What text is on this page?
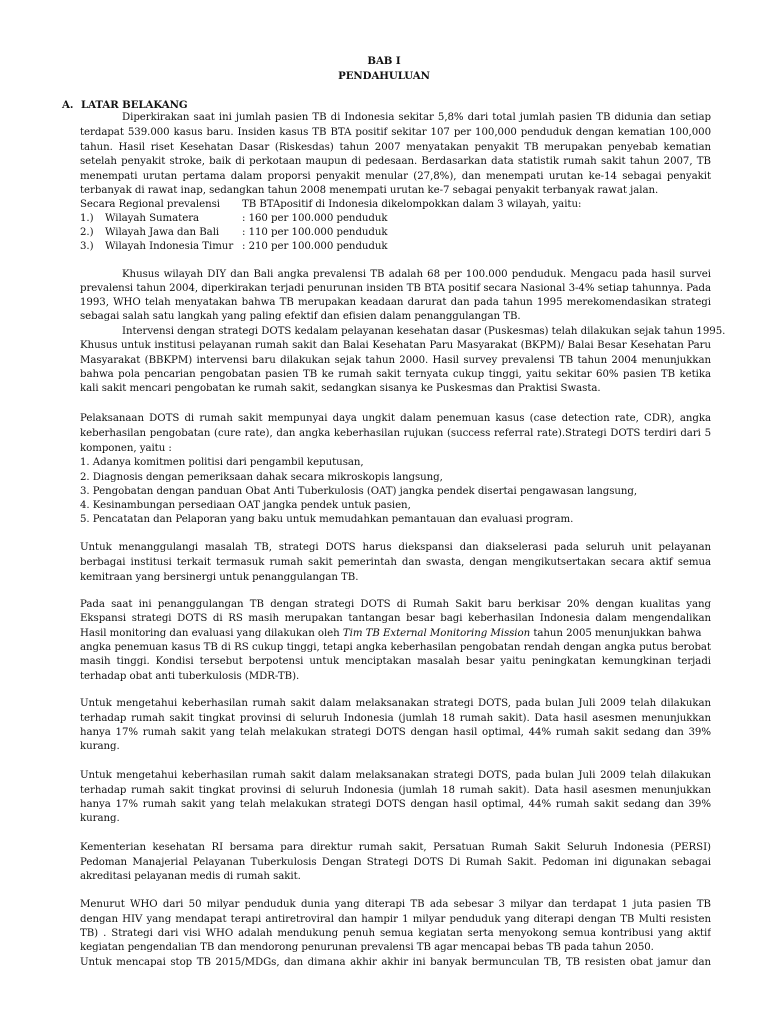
BAB I
PENDAHULUAN
A. LATAR BELAKANG
Diperkirakan saat ini jumlah pasien TB di Indonesia sekitar 5,8% dari total jumlah pasien TB didunia dan setiap
terdapat 539.000 kasus baru. Insiden kasus TB BTA positif sekitar 107 per 100,000 penduduk dengan kematian 100,000
tahun. Hasil riset Kesehatan Dasar (Riskesdas) tahun 2007 menyatakan penyakit TB merupakan penyebab kematian
setelah penyakit stroke, baik di perkotaan maupun di pedesaan. Berdasarkan data statistik rumah sakit tahun 2007, TB
menempati urutan pertama dalam proporsi penyakit menular (27,8%), dan menempati urutan ke-14 sebagai penyakit
terbanyak di rawat inap, sedangkan tahun 2008 menempati urutan ke-7 sebagai penyakit terbanyak rawat jalan.
Secara Regional prevalensi TB BTApositif di Indonesia dikelompokkan dalam 3 wilayah, yaitu:
1.) Wilayah Sumatera	: 160 per 100.000 penduduk
2.) Wilayah Jawa dan Bali : 110 per 100.000 penduduk
3.) Wilayah Indonesia Timur : 210 per 100.000 penduduk
Khusus wilayah DIY dan Bali angka prevalensi TB adalah 68 per 100.000 penduduk. Mengacu pada hasil survei
prevalensi tahun 2004, diperkirakan terjadi penurunan insiden TB BTA positif secara Nasional 3-4% setiap tahunnya. Pada
1993, WHO telah menyatakan bahwa TB merupakan keadaan darurat dan pada tahun 1995 merekomendasikan strategi
sebagai salah satu langkah yang paling efektif dan efisien dalam penanggulangan TB.
Intervensi dengan strategi DOTS kedalam pelayanan kesehatan dasar (Puskesmas) telah dilakukan sejak tahun 1995.
Khusus untuk institusi pelayanan rumah sakit dan Balai Kesehatan Paru Masyarakat (BKPM)/ Balai Besar Kesehatan Paru
Masyarakat (BBKPM) intervensi baru dilakukan sejak tahun 2000. Hasil survey prevalensi TB tahun 2004 menunjukkan
bahwa pola pencarian pengobatan pasien TB ke rumah sakit ternyata cukup tinggi, yaitu sekitar 60% pasien TB ketika
kali sakit mencari pengobatan ke rumah sakit, sedangkan sisanya ke Puskesmas dan Praktisi Swasta.
Pelaksanaan DOTS di rumah sakit mempunyai daya ungkit dalam penemuan kasus (case detection rate, CDR), angka
keberhasilan pengobatan (cure rate), dan angka keberhasilan rujukan (success referral rate).Strategi DOTS terdiri dari 5
komponen, yaitu :
1. Adanya komitmen politisi dari pengambil keputusan,
2. Diagnosis dengan pemeriksaan dahak secara mikroskopis langsung,
3. Pengobatan dengan panduan Obat Anti Tuberkulosis (OAT) jangka pendek disertai pengawasan langsung,
4. Kesinambungan persediaan OAT jangka pendek untuk pasien,
5. Pencatatan dan Pelaporan yang baku untuk memudahkan pemantauan dan evaluasi program.
Untuk menanggulangi masalah TB, strategi DOTS harus diekspansi dan diakselerasi pada seluruh unit pelayanan
berbagai institusi terkait termasuk rumah sakit pemerintah dan swasta, dengan mengikutsertakan secara aktif semua
kemitraan yang bersinergi untuk penanggulangan TB.
Pada saat ini penanggulangan TB dengan strategi DOTS di Rumah Sakit baru berkisar 20% dengan kualitas yang
Ekspansi strategi DOTS di RS masih merupakan tantangan besar bagi keberhasilan Indonesia dalam mengendalikan
Hasil monitoring dan evaluasi yang dilakukan oleh Tim TB External Monitoring Mission tahun 2005 menunjukkan bahwa
angka penemuan kasus TB di RS cukup tinggi, tetapi angka keberhasilan pengobatan rendah dengan angka putus berobat
masih tinggi. Kondisi tersebut berpotensi untuk menciptakan masalah besar yaitu peningkatan kemungkinan terjadi
terhadap obat anti tuberkulosis (MDR-TB).
Untuk mengetahui keberhasilan rumah sakit dalam melaksanakan strategi DOTS, pada bulan Juli 2009 telah dilakukan
terhadap rumah sakit tingkat provinsi di seluruh Indonesia (jumlah 18 rumah sakit). Data hasil asesmen menunjukkan
hanya 17% rumah sakit yang telah melakukan strategi DOTS dengan hasil optimal, 44% rumah sakit sedang dan 39%
kurang.
Untuk mengetahui keberhasilan rumah sakit dalam melaksanakan strategi DOTS, pada bulan Juli 2009 telah dilakukan
terhadap rumah sakit tingkat provinsi di seluruh Indonesia (jumlah 18 rumah sakit). Data hasil asesmen menunjukkan
hanya 17% rumah sakit yang telah melakukan strategi DOTS dengan hasil optimal, 44% rumah sakit sedang dan 39%
kurang.
Kementerian kesehatan RI bersama para direktur rumah sakit, Persatuan Rumah Sakit Seluruh Indonesia (PERSI)
Pedoman Manajerial Pelayanan Tuberkulosis Dengan Strategi DOTS Di Rumah Sakit. Pedoman ini digunakan sebagai
akreditasi pelayanan medis di rumah sakit.
Menurut WHO dari 50 milyar penduduk dunia yang diterapi TB ada sebesar 3 milyar dan terdapat 1 juta pasien TB
dengan HIV yang mendapat terapi antiretroviral dan hampir 1 milyar penduduk yang diterapi dengan TB Multi resisten
TB) . Strategi dari visi WHO adalah mendukung penuh semua kegiatan serta menyokong semua kontribusi yang aktif
kegiatan pengendalian TB dan mendorong penurunan prevalensi TB agar mencapai bebas TB pada tahun 2050.
Untuk mencapai stop TB 2015/MDGs, dan dimana akhir akhir ini banyak bermunculan TB, TB resisten obat jamur dan
